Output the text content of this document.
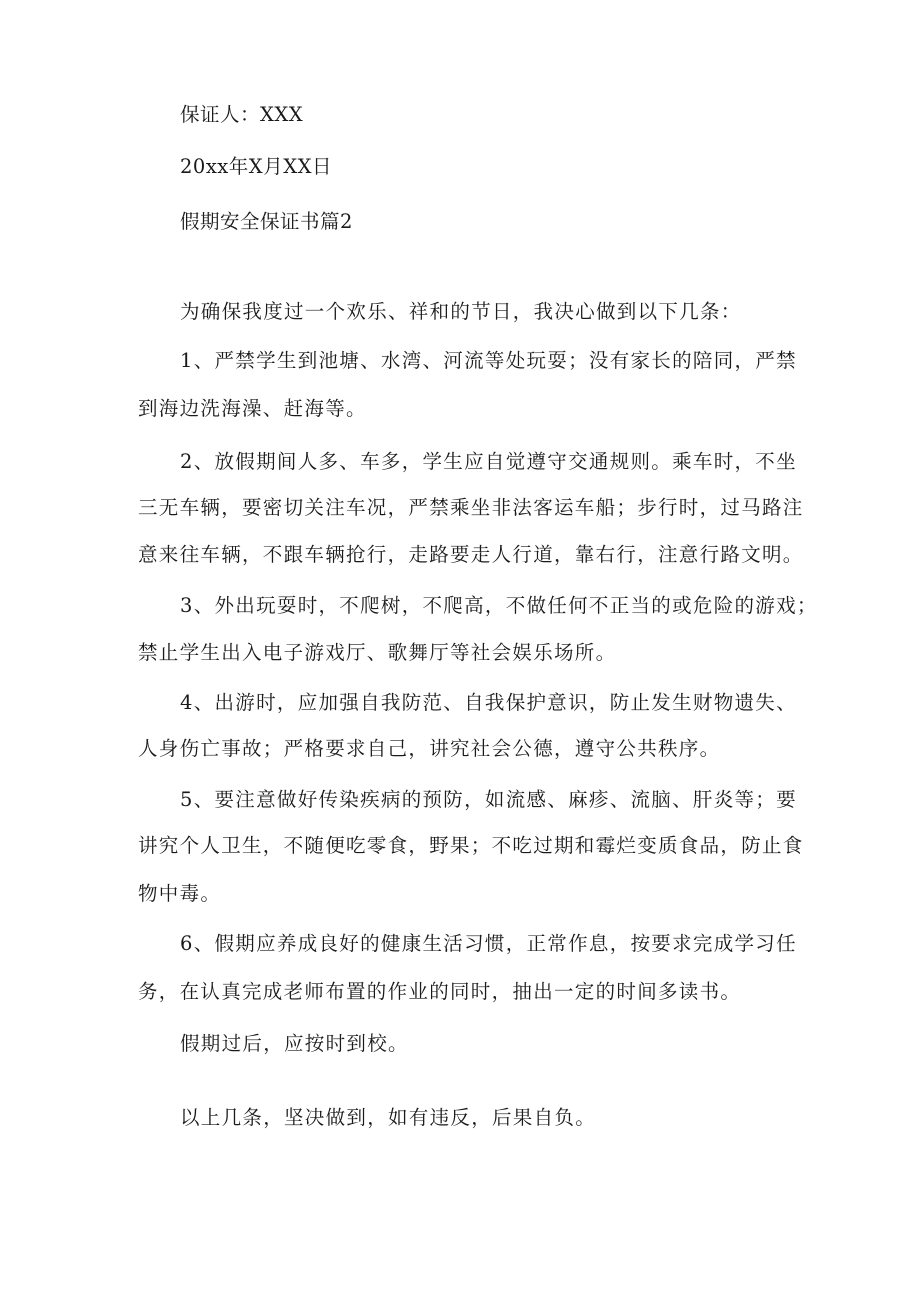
保证人：XXX
20xx年X月XX日
假期安全保证书篇2
为确保我度过一个欢乐、祥和的节日，我决心做到以下几条：
1、严禁学生到池塘、水湾、河流等处玩耍；没有家长的陪同，严禁
到海边洗海澡、赶海等。
2、放假期间人多、车多，学生应自觉遵守交通规则。乘车时，不坐
三无车辆，要密切关注车况，严禁乘坐非法客运车船；步行时，过马路注
意来往车辆，不跟车辆抢行，走路要走人行道，靠右行，注意行路文明。
3、外出玩耍时，不爬树，不爬高，不做任何不正当的或危险的游戏；
禁止学生出入电子游戏厅、歌舞厅等社会娱乐场所。
4、出游时，应加强自我防范、自我保护意识，防止发生财物遗失、
人身伤亡事故；严格要求自己，讲究社会公德，遵守公共秩序。
5、要注意做好传染疾病的预防，如流感、麻疹、流脑、肝炎等；要
讲究个人卫生，不随便吃零食，野果；不吃过期和霉烂变质食品，防止食
物中毒。
6、假期应养成良好的健康生活习惯，正常作息，按要求完成学习任
务，在认真完成老师布置的作业的同时，抽出一定的时间多读书。
假期过后，应按时到校。
以上几条，坚决做到，如有违反，后果自负。
